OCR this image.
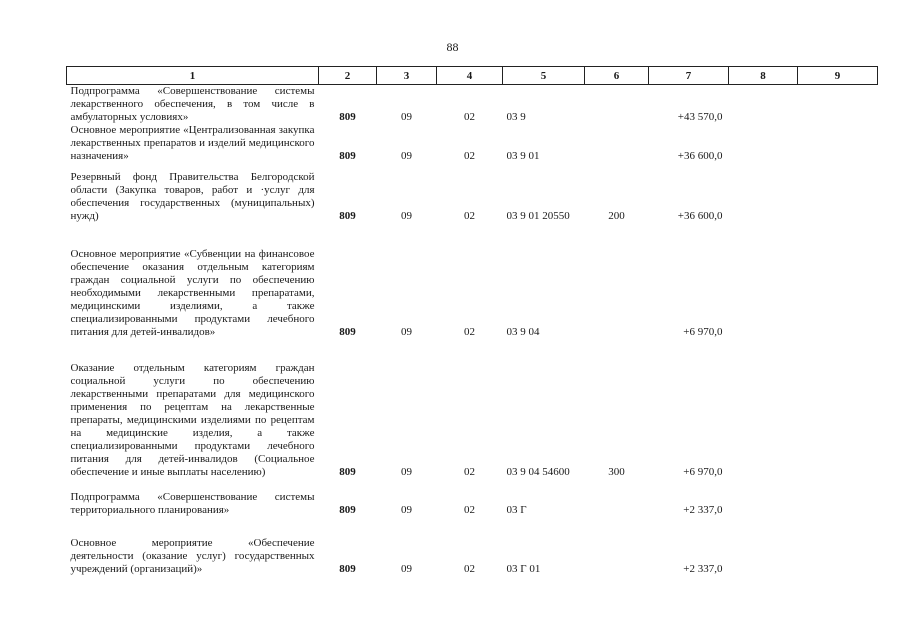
88
1	2	3	4	5	6	7	8	9
Подпрограмма «Совершенствование системы лекарственного обеспечения, в том числе в амбулаторных условиях»	809	09	02	03 9		+43 570,0		
Основное мероприятие «Централизованная закупка лекарственных препаратов и изделий медицинского назначения»	809	09	02	03 9 01		+36 600,0		
Резервный фонд Правительства Белгородской области (Закупка товаров, работ и ·услуг для обеспечения государственных (муниципальных) нужд)	809	09	02	03 9 01 20550	200	+36 600,0		
Основное мероприятие «Субвенции на финансовое обеспечение оказания отдельным категориям граждан социальной услуги по обеспечению необходимыми лекарственными препаратами, медицинскими изделиями, а также специализированными продуктами лечебного питания для детей-инвалидов»	809	09	02	03 9 04		+6 970,0		
Оказание отдельным категориям граждан социальной услуги по обеспечению лекарственными препаратами для медицинского применения по рецептам на лекарственные препараты, медицинскими изделиями по рецептам на медицинские изделия, а также специализированными продуктами лечебного питания для детей-инвалидов (Социальное обеспечение и иные выплаты населению)	809	09	02	03 9 04 54600	300	+6 970,0		

Подпрограмма «Совершенствование системы территориального планирования»	809	09	02	03 Г		+2 337,0		
Основное мероприятие «Обеспечение деятельности (оказание услуг) государственных учреждений (организаций)»	809	09	02	03 Г 01		+2 337,0		
